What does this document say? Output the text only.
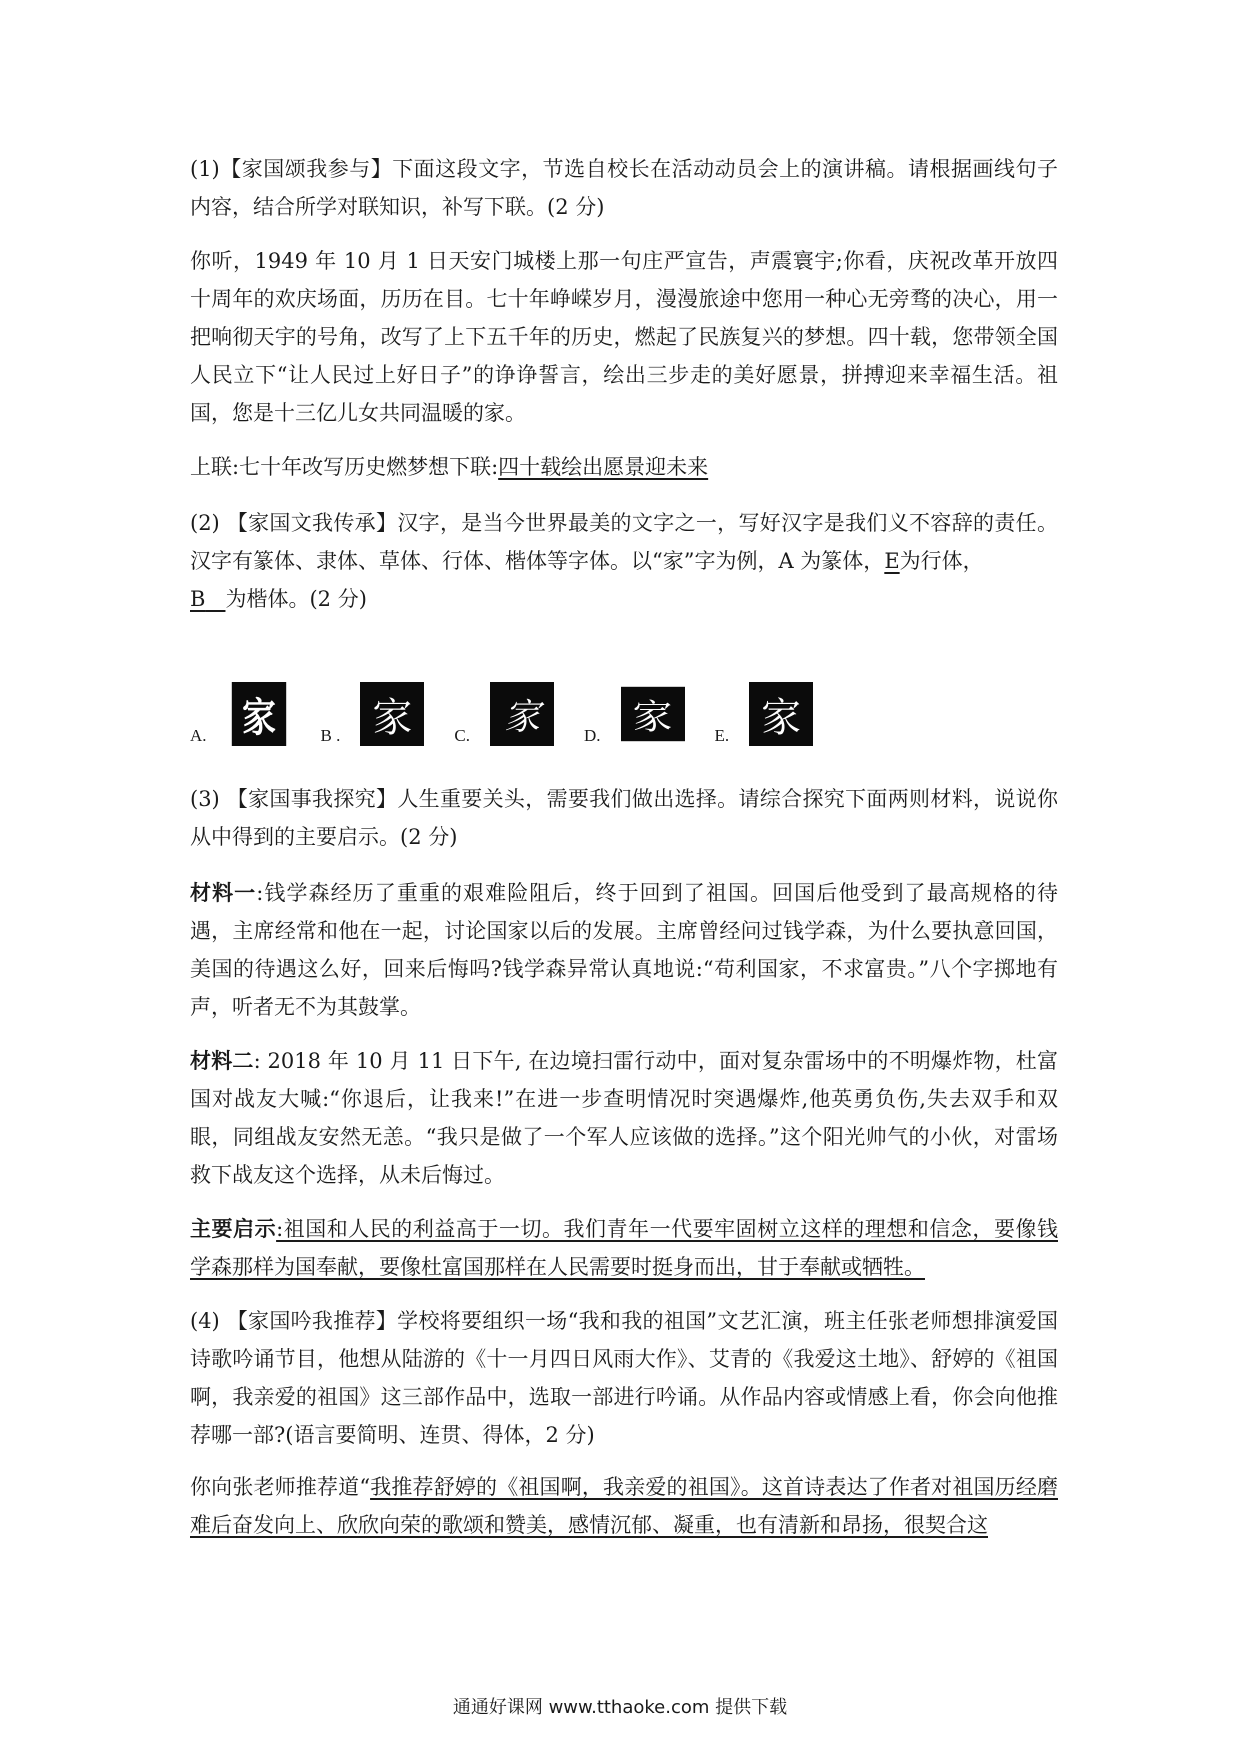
(1)【家国颂我参与】下面这段文字，节选自校长在活动动员会上的演讲稿。请根据画线句子内容，结合所学对联知识，补写下联。(2 分)

你听，1949 年 10 月 1 日天安门城楼上那一句庄严宣告，声震寰宇;你看，庆祝改革开放四十周年的欢庆场面，历历在目。七十年峥嵘岁月，漫漫旅途中您用一种心无旁骛的决心，用一把响彻天宇的号角，改写了上下五千年的历史，燃起了民族复兴的梦想。四十载，您带领全国人民立下“让人民过上好日子”的诤诤誓言，绘出三步走的美好愿景，拼搏迎来幸福生活。祖国，您是十三亿儿女共同温暖的家。

上联:七十年改写历史燃梦想下联:四十载绘出愿景迎未来

(2) 【家国文我传承】汉字，是当今世界最美的文字之一，写好汉字是我们义不容辞的责任。汉字有篆体、隶体、草体、行体、楷体等字体。以“家”字为例，A 为篆体，E为行体，
B 为楷体。(2 分)

A. 家	B . 家	C. 家	D. 家	E. 家

(3) 【家国事我探究】人生重要关头，需要我们做出选择。请综合探究下面两则材料，说说你从中得到的主要启示。(2 分)

材料一:钱学森经历了重重的艰难险阻后，终于回到了祖国。回国后他受到了最高规格的待遇，主席经常和他在一起，讨论国家以后的发展。主席曾经问过钱学森，为什么要执意回国，美国的待遇这么好，回来后悔吗?钱学森异常认真地说:“苟利国家，不求富贵。”八个字掷地有声，听者无不为其鼓掌。

材料二: 2018 年 10 月 11 日下午, 在边境扫雷行动中，面对复杂雷场中的不明爆炸物，杜富国对战友大喊:“你退后，让我来!”在进一步查明情况时突遇爆炸,他英勇负伤,失去双手和双眼，同组战友安然无恙。“我只是做了一个军人应该做的选择。”这个阳光帅气的小伙，对雷场救下战友这个选择，从未后悔过。

主要启示:祖国和人民的利益高于一切。我们青年一代要牢固树立这样的理想和信念，要像钱学森那样为国奉献，要像杜富国那样在人民需要时挺身而出，甘于奉献或牺牲。

(4) 【家国吟我推荐】学校将要组织一场“我和我的祖国”文艺汇演，班主任张老师想排演爱国诗歌吟诵节目，他想从陆游的《十一月四日风雨大作》、艾青的《我爱这土地》、舒婷的《祖国啊，我亲爱的祖国》这三部作品中，选取一部进行吟诵。从作品内容或情感上看，你会向他推荐哪一部?(语言要简明、连贯、得体，2 分)

你向张老师推荐道“我推荐舒婷的《祖国啊，我亲爱的祖国》。这首诗表达了作者对祖国历经磨难后奋发向上、欣欣向荣的歌颂和赞美，感情沉郁、凝重，也有清新和昂扬，很契合这

通通好课网 www.tthaoke.com 提供下载
